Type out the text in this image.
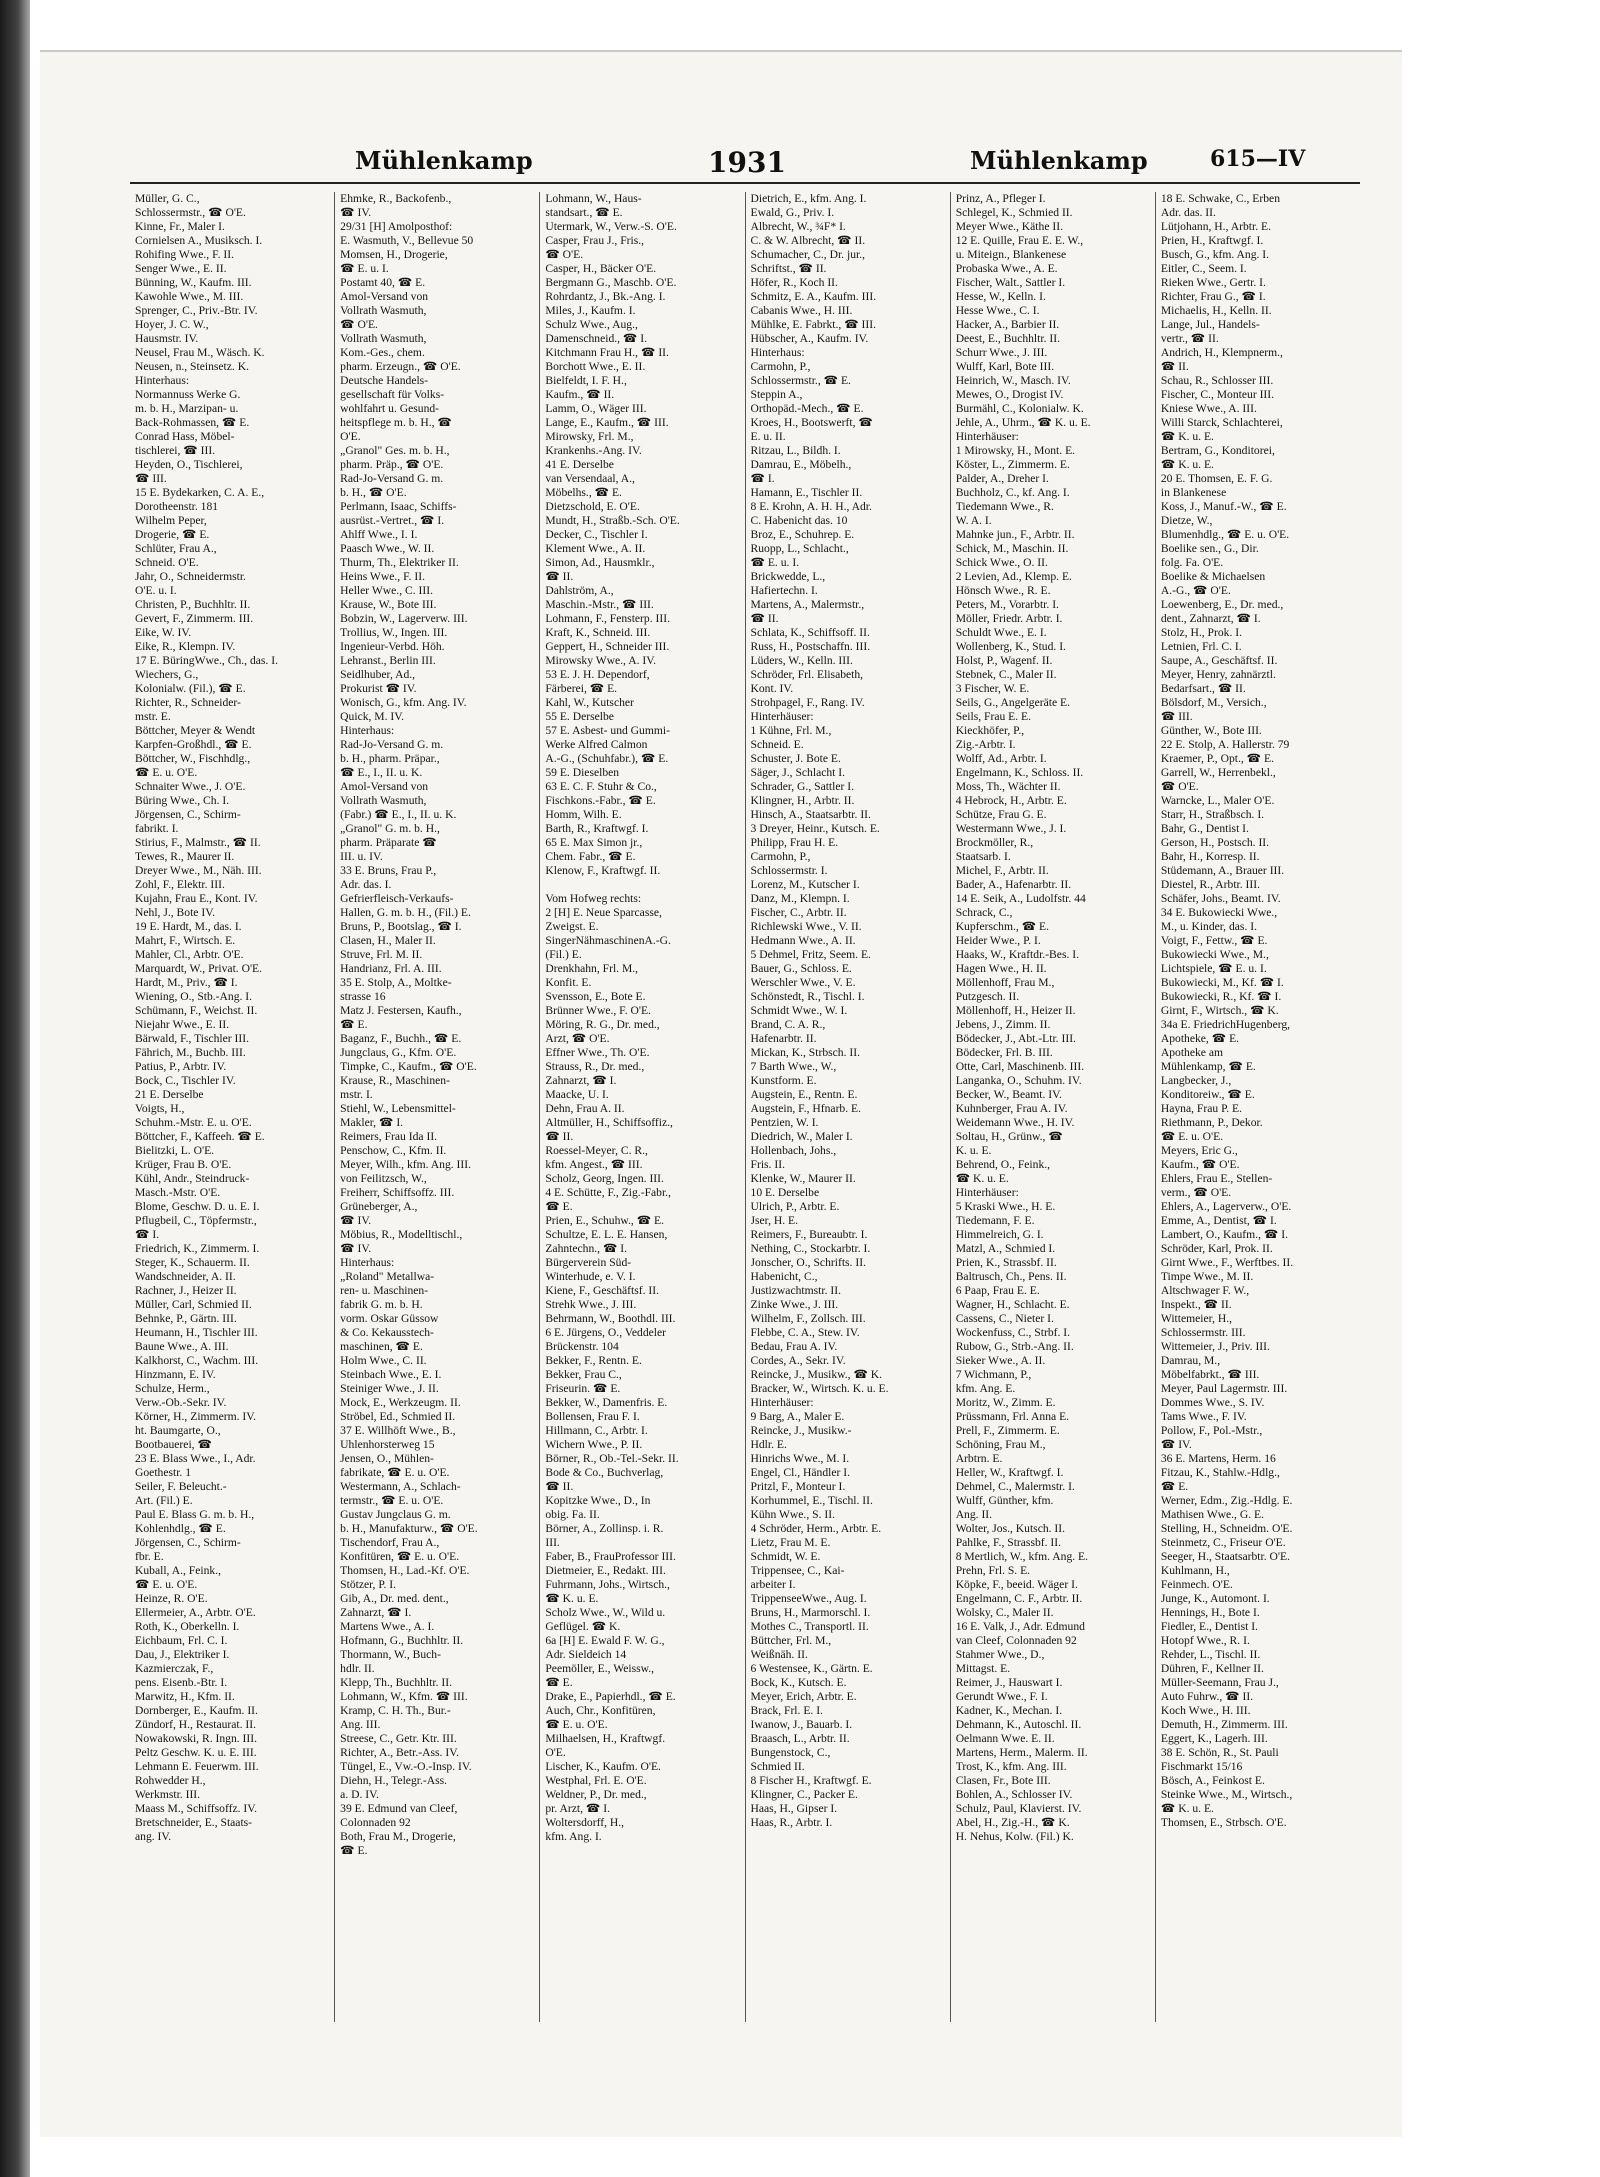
Mühlenkamp	1931	Mühlenkamp	615—IV
Müller, G. C.,
Schlossermstr., ☎ O'E.
Kinne, Fr., Maler I.
Cornielsen A., Musiksch. I.
Rohifing Wwe., F. II.
Senger Wwe., E. II.
Bünning, W., Kaufm. III.
Kawohle Wwe., M. III.
Sprenger, C., Priv.-Btr. IV.
Hoyer, J. C. W.,
Hausmstr. IV.
Neusel, Frau M., Wäsch. K.
Neusen, n., Steinsetz. K.
Hinterhaus:
Normannuss Werke G.
m. b. H., Marzipan- u.
Back-Rohmassen, ☎ E.
Conrad Hass, Möbel-
tischlerei, ☎ III.
Heyden, O., Tischlerei,
☎ III.
15 E. Bydekarken, C. A. E.,
Dorotheenstr. 181
Wilhelm Peper,
Drogerie, ☎ E.
Schlüter, Frau A.,
Schneid. O'E.
Jahr, O., Schneidermstr.
O'E. u. I.
Christen, P., Buchhltr. II.
Gevert, F., Zimmerm. III.
Eike, W. IV.
Eike, R., Klempn. IV.
17 E. BüringWwe., Ch., das. I.
Wiechers, G.,
Kolonialw. (Fil.), ☎ E.
Richter, R., Schneider-
mstr. E.
Böttcher, Meyer & Wendt
Karpfen-Großhdl., ☎ E.
Böttcher, W., Fischhdlg.,
☎ E. u. O'E.
Schnaiter Wwe., J. O'E.
Büring Wwe., Ch. I.
Jörgensen, C., Schirm-
fabrikt. I.
Stirius, F., Malmstr., ☎ II.
Tewes, R., Maurer II.
Dreyer Wwe., M., Näh. III.
Zohl, F., Elektr. III.
Kujahn, Frau E., Kont. IV.
Nehl, J., Bote IV.
19 E. Hardt, M., das. I.
Mahrt, F., Wirtsch. E.
Mahler, Cl., Arbtr. O'E.
Marquardt, W., Privat. O'E.
Hardt, M., Priv., ☎ I.
Wiening, O., Stb.-Ang. I.
Schümann, F., Weichst. II.
Niejahr Wwe., E. II.
Bärwald, F., Tischler III.
Fährich, M., Buchb. III.
Patius, P., Arbtr. IV.
Bock, C., Tischler IV.
21 E. Derselbe
Voigts, H.,
Schuhm.-Mstr. E. u. O'E.
Böttcher, F., Kaffeeh. ☎ E.
Bielitzki, L. O'E.
Krüger, Frau B. O'E.
Kühl, Andr., Steindruck-
Masch.-Mstr. O'E.
Blome, Geschw. D. u. E. I.
Pflugbeil, C., Töpfermstr.,
☎ I.
Friedrich, K., Zimmerm. I.
Steger, K., Schauerm. II.
Wandschneider, A. II.
Rachner, J., Heizer II.
Müller, Carl, Schmied II.
Behnke, P., Gärtn. III.
Heumann, H., Tischler III.
Baune Wwe., A. III.
Kalkhorst, C., Wachm. III.
Hinzmann, E. IV.
Schulze, Herm.,
Verw.-Ob.-Sekr. IV.
Körner, H., Zimmerm. IV.
ht. Baumgarte, O.,
Bootbauerei, ☎
23 E. Blass Wwe., I., Adr.
Goethestr. 1
Seiler, F. Beleucht.-
Art. (Fil.) E.
Paul E. Blass G. m. b. H.,
Kohlenhdlg., ☎ E.
Jörgensen, C., Schirm-
fbr. E.
Kuball, A., Feink.,
☎ E. u. O'E.
Heinze, R. O'E.
Ellermeier, A., Arbtr. O'E.
Roth, K., Oberkelln. I.
Eichbaum, Frl. C. I.
Dau, J., Elektriker I.
Kazmierczak, F.,
pens. Eisenb.-Btr. I.
Marwitz, H., Kfm. II.
Dornberger, E., Kaufm. II.
Zündorf, H., Restaurat. II.
Nowakowski, R. Ingn. III.
Peltz Geschw. K. u. E. III.
Lehmann E. Feuerwm. III.
Rohwedder H.,
Werkmstr. III.
Maass M., Schiffsoffz. IV.
Bretschneider, E., Staats-
ang. IV.
Ehmke, R., Backofenb.,
☎ IV.
29/31 [H] Amolposthof:
E. Wasmuth, V., Bellevue 50
Momsen, H., Drogerie,
☎ E. u. I.
Postamt 40, ☎ E.
Amol-Versand von
Vollrath Wasmuth,
☎ O'E.
Vollrath Wasmuth,
Kom.-Ges., chem.
pharm. Erzeugn., ☎ O'E.
Deutsche Handels-
gesellschaft für Volks-
wohlfahrt u. Gesund-
heitspflege m. b. H., ☎
O'E.
„Granol" Ges. m. b. H.,
pharm. Präp., ☎ O'E.
Rad-Jo-Versand G. m.
b. H., ☎ O'E.
Perlmann, Isaac, Schiffs-
ausrüst.-Vertret., ☎ I.
Ahlff Wwe., I. I.
Paasch Wwe., W. II.
Thurm, Th., Elektriker II.
Heins Wwe., F. II.
Heller Wwe., C. III.
Krause, W., Bote III.
Bobzin, W., Lagerverw. III.
Trollius, W., Ingen. III.
Ingenieur-Verbd. Höh.
Lehranst., Berlin III.
Seidlhuber, Ad.,
Prokurist ☎ IV.
Wonisch, G., kfm. Ang. IV.
Quick, M. IV.
Hinterhaus:
Rad-Jo-Versand G. m.
b. H., pharm. Präpar.,
☎ E., I., II. u. K.
Amol-Versand von
Vollrath Wasmuth,
(Fabr.) ☎ E., I., II. u. K.
„Granol" G. m. b. H.,
pharm. Präparate ☎
III. u. IV.
33 E. Bruns, Frau P.,
Adr. das. I.
Gefrierfleisch-Verkaufs-
Hallen, G. m. b. H., (Fil.) E.
Bruns, P., Bootslag., ☎ I.
Clasen, H., Maler II.
Struve, Frl. M. II.
Handrianz, Frl. A. III.
35 E. Stolp, A., Moltke-
strasse 16
Matz J. Festersen, Kaufh.,
☎ E.
Baganz, F., Buchh., ☎ E.
Jungclaus, G., Kfm. O'E.
Timpke, C., Kaufm., ☎ O'E.
Krause, R., Maschinen-
mstr. I.
Stiehl, W., Lebensmittel-
Makler, ☎ I.
Reimers, Frau Ida II.
Penschow, C., Kfm. II.
Meyer, Wilh., kfm. Ang. III.
von Feilitzsch, W.,
Freiherr, Schiffsoffz. III.
Grüneberger, A.,
☎ IV.
Möbius, R., Modelltischl.,
☎ IV.
Hinterhaus:
„Roland" Metallwa-
ren- u. Maschinen-
fabrik G. m. b. H.
vorm. Oskar Güssow
& Co. Kekausstech-
maschinen, ☎ E.
Holm Wwe., C. II.
Steinbach Wwe., E. I.
Steiniger Wwe., J. II.
Mock, E., Werkzeugm. II.
Ströbel, Ed., Schmied II.
37 E. Willhöft Wwe., B.,
Uhlenhorsterweg 15
Jensen, O., Mühlen-
fabrikate, ☎ E. u. O'E.
Westermann, A., Schlach-
termstr., ☎ E. u. O'E.
Gustav Jungclaus G. m.
b. H., Manufakturw., ☎ O'E.
Tischendorf, Frau A.,
Konfitüren, ☎ E. u. O'E.
Thomsen, H., Lad.-Kf. O'E.
Stötzer, P. I.
Gib, A., Dr. med. dent.,
Zahnarzt, ☎ I.
Martens Wwe., A. I.
Hofmann, G., Buchhltr. II.
Thormann, W., Buch-
hdlr. II.
Klepp, Th., Buchhltr. II.
Lohmann, W., Kfm. ☎ III.
Kramp, C. H. Th., Bur.-
Ang. III.
Streese, C., Getr. Ktr. III.
Richter, A., Betr.-Ass. IV.
Tüngel, E., Vw.-O.-Insp. IV.
Diehn, H., Telegr.-Ass.
a. D. IV.
39 E. Edmund van Cleef,
Colonnaden 92
Both, Frau M., Drogerie,
☎ E.
Lohmann, W., Haus-
standsart., ☎ E.
Utermark, W., Verw.-S. O'E.
Casper, Frau J., Fris.,
☎ O'E.
Casper, H., Bäcker O'E.
Bergmann G., Maschb. O'E.
Rohrdantz, J., Bk.-Ang. I.
Miles, J., Kaufm. I.
Schulz Wwe., Aug.,
Damenschneid., ☎ I.
Kitchmann Frau H., ☎ II.
Borchott Wwe., E. II.
Bielfeldt, I. F. H.,
Kaufm., ☎ II.
Lamm, O., Wäger III.
Lange, E., Kaufm., ☎ III.
Mirowsky, Frl. M.,
Krankenhs.-Ang. IV.
41 E. Derselbe
van Versendaal, A.,
Möbelhs., ☎ E.
Dietzschold, E. O'E.
Mundt, H., Straßb.-Sch. O'E.
Decker, C., Tischler I.
Klement Wwe., A. II.
Simon, Ad., Hausmklr.,
☎ II.
Dahlström, A.,
Maschin.-Mstr., ☎ III.
Lohmann, F., Fensterp. III.
Kraft, K., Schneid. III.
Geppert, H., Schneider III.
Mirowsky Wwe., A. IV.
53 E. J. H. Dependorf,
Färberei, ☎ E.
Kahl, W., Kutscher
55 E. Derselbe
57 E. Asbest- und Gummi-
Werke Alfred Calmon
A.-G., (Schuhfabr.), ☎ E.
59 E. Dieselben
63 E. C. F. Stuhr & Co.,
Fischkons.-Fabr., ☎ E.
Homm, Wilh. E.
Barth, R., Kraftwgf. I.
65 E. Max Simon jr.,
Chem. Fabr., ☎ E.
Klenow, F., Kraftwgf. II.

Vom Hofweg rechts:
2 [H] E. Neue Sparcasse,
Zweigst. E.
SingerNähmaschinenA.-G.
(Fil.) E.
Drenkhahn, Frl. M.,
Konfit. E.
Svensson, E., Bote E.
Brünner Wwe., F. O'E.
Möring, R. G., Dr. med.,
Arzt, ☎ O'E.
Effner Wwe., Th. O'E.
Strauss, R., Dr. med.,
Zahnarzt, ☎ I.
Maacke, U. I.
Dehn, Frau A. II.
Altmüller, H., Schiffsoffiz.,
☎ II.
Roessel-Meyer, C. R.,
kfm. Angest., ☎ III.
Scholz, Georg, Ingen. III.
4 E. Schütte, F., Zig.-Fabr.,
☎ E.
Prien, E., Schuhw., ☎ E.
Schultze, E. L. E. Hansen,
Zahntechn., ☎ I.
Bürgerverein Süd-
Winterhude, e. V. I.
Kiene, F., Geschäftsf. II.
Strehk Wwe., J. III.
Behrmann, W., Boothdl. III.
6 E. Jürgens, O., Veddeler
Brückenstr. 104
Bekker, F., Rentn. E.
Bekker, Frau C.,
Friseurin. ☎ E.
Bekker, W., Damenfris. E.
Bollensen, Frau F. I.
Hillmann, C., Arbtr. I.
Wichern Wwe., P. II.
Börner, R., Ob.-Tel.-Sekr. II.
Bode & Co., Buchverlag,
☎ II.
Kopitzke Wwe., D., In
obig. Fa. II.
Börner, A., Zollinsp. i. R.
III.
Faber, B., FrauProfessor III.
Dietmeier, E., Redakt. III.
Fuhrmann, Johs., Wirtsch.,
☎ K. u. E.
Scholz Wwe., W., Wild u.
Geflügel. ☎ K.
6a [H] E. Ewald F. W. G.,
Adr. Sieldeich 14
Peemöller, E., Weissw.,
☎ E.
Drake, E., Papierhdl., ☎ E.
Auch, Chr., Konfitüren,
☎ E. u. O'E.
Milhaelsen, H., Kraftwgf.
O'E.
Lischer, K., Kaufm. O'E.
Westphal, Frl. E. O'E.
Weldner, P., Dr. med.,
pr. Arzt, ☎ I.
Woltersdorff, H.,
kfm. Ang. I.
Dietrich, E., kfm. Ang. I.
Ewald, G., Priv. I.
Albrecht, W., ¾F* I.
C. & W. Albrecht, ☎ II.
Schumacher, C., Dr. jur.,
Schriftst., ☎ II.
Höfer, R., Koch II.
Schmitz, E. A., Kaufm. III.
Cabanis Wwe., H. III.
Mühlke, E. Fabrkt., ☎ III.
Hübscher, A., Kaufm. IV.
Hinterhaus:
Carmohn, P.,
Schlossermstr., ☎ E.
Steppin A.,
Orthopäd.-Mech., ☎ E.
Kroes, H., Bootswerft, ☎
E. u. II.
Ritzau, L., Bildh. I.
Damrau, E., Möbelh.,
☎ I.
Hamann, E., Tischler II.
8 E. Krohn, A. H. H., Adr.
C. Habenicht das. 10
Broz, E., Schuhrep. E.
Ruopp, L., Schlacht.,
☎ E. u. I.
Brickwedde, L.,
Hafiertechn. I.
Martens, A., Malermstr.,
☎ II.
Schlata, K., Schiffsoff. II.
Russ, H., Postschaffn. III.
Lüders, W., Kelln. III.
Schröder, Frl. Elisabeth,
Kont. IV.
Strohpagel, F., Rang. IV.
Hinterhäuser:
1 Kühne, Frl. M.,
Schneid. E.
Schuster, J. Bote E.
Säger, J., Schlacht I.
Schrader, G., Sattler I.
Klingner, H., Arbtr. II.
Hinsch, A., Staatsarbtr. II.
3 Dreyer, Heinr., Kutsch. E.
Philipp, Frau H. E.
Carmohn, P.,
Schlossermstr. I.
Lorenz, M., Kutscher I.
Danz, M., Klempn. I.
Fischer, C., Arbtr. II.
Richlewski Wwe., V. II.
Hedmann Wwe., A. II.
5 Dehmel, Fritz, Seem. E.
Bauer, G., Schloss. E.
Werschler Wwe., V. E.
Schönstedt, R., Tischl. I.
Schmidt Wwe., W. I.
Brand, C. A. R.,
Hafenarbtr. II.
Mickan, K., Strbsch. II.
7 Barth Wwe., W.,
Kunstform. E.
Augstein, E., Rentn. E.
Augstein, F., Hfnarb. E.
Pentzien, W. I.
Diedrich, W., Maler I.
Hollenbach, Johs.,
Fris. II.
Klenke, W., Maurer II.
10 E. Derselbe
Ulrich, P., Arbtr. E.
Jser, H. E.
Reimers, F., Bureaubtr. I.
Nething, C., Stockarbtr. I.
Jonscher, O., Schrifts. II.
Habenicht, C.,
Justizwachtmstr. II.
Zinke Wwe., J. III.
Wilhelm, F., Zollsch. III.
Flebbe, C. A., Stew. IV.
Bedau, Frau A. IV.
Cordes, A., Sekr. IV.
Reincke, J., Musikw., ☎ K.
Bracker, W., Wirtsch. K. u. E.
Hinterhäuser:
9 Barg, A., Maler E.
Reincke, J., Musikw.-
Hdlr. E.
Hinrichs Wwe., M. I.
Engel, Cl., Händler I.
Pritzl, F., Monteur I.
Korhummel, E., Tischl. II.
Kühn Wwe., S. II.
4 Schröder, Herm., Arbtr. E.
Lietz, Frau M. E.
Schmidt, W. E.
Trippensee, C., Kai-
arbeiter I.
TrippenseeWwe., Aug. I.
Bruns, H., Marmorschl. I.
Mothes C., Transportl. II.
Büttcher, Frl. M.,
Weißnäh. II.
6 Westensee, K., Gärtn. E.
Bock, K., Kutsch. E.
Meyer, Erich, Arbtr. E.
Brack, Frl. E. I.
Iwanow, J., Bauarb. I.
Braasch, L., Arbtr. II.
Bungenstock, C.,
Schmied II.
8 Fischer H., Kraftwgf. E.
Klingner, C., Packer E.
Haas, H., Gipser I.
Haas, R., Arbtr. I.
Prinz, A., Pfleger I.
Schlegel, K., Schmied II.
Meyer Wwe., Käthe II.
12 E. Quille, Frau E. E. W.,
u. Miteign., Blankenese
Probaska Wwe., A. E.
Fischer, Walt., Sattler I.
Hesse, W., Kelln. I.
Hesse Wwe., C. I.
Hacker, A., Barbier II.
Deest, E., Buchhltr. II.
Schurr Wwe., J. III.
Wulff, Karl, Bote III.
Heinrich, W., Masch. IV.
Mewes, O., Drogist IV.
Burmähl, C., Kolonialw. K.
Jehle, A., Uhrm., ☎ K. u. E.
Hinterhäuser:
1 Mirowsky, H., Mont. E.
Köster, L., Zimmerm. E.
Palder, A., Dreher I.
Buchholz, C., kf. Ang. I.
Tiedemann Wwe., R.
W. A. I.
Mahnke jun., F., Arbtr. II.
Schick, M., Maschin. II.
Schick Wwe., O. II.
2 Levien, Ad., Klemp. E.
Hönsch Wwe., R. E.
Peters, M., Vorarbtr. I.
Möller, Friedr. Arbtr. I.
Schuldt Wwe., E. I.
Wollenberg, K., Stud. I.
Holst, P., Wagenf. II.
Stebnek, C., Maler II.
3 Fischer, W. E.
Seils, G., Angelgeräte E.
Seils, Frau E. E.
Kieckhöfer, P.,
Zig.-Arbtr. I.
Wolff, Ad., Arbtr. I.
Engelmann, K., Schloss. II.
Moss, Th., Wächter II.
4 Hebrock, H., Arbtr. E.
Schütze, Frau G. E.
Westermann Wwe., J. I.
Brockmöller, R.,
Staatsarb. I.
Michel, F., Arbtr. II.
Bader, A., Hafenarbtr. II.
14 E. Seik, A., Ludolfstr. 44
Schrack, C.,
Kupferschm., ☎ E.
Heider Wwe., P. I.
Haaks, W., Kraftdr.-Bes. I.
Hagen Wwe., H. II.
Möllenhoff, Frau M.,
Putzgesch. II.
Möllenhoff, H., Heizer II.
Jebens, J., Zimm. II.
Bödecker, J., Abt.-Ltr. III.
Bödecker, Frl. B. III.
Otte, Carl, Maschinenb. III.
Langanka, O., Schuhm. IV.
Becker, W., Beamt. IV.
Kuhnberger, Frau A. IV.
Weidemann Wwe., H. IV.
Soltau, H., Grünw., ☎
K. u. E.
Behrend, O., Feink.,
☎ K. u. E.
Hinterhäuser:
5 Kraski Wwe., H. E.
Tiedemann, F. E.
Himmelreich, G. I.
Matzl, A., Schmied I.
Prien, K., Strassbf. II.
Baltrusch, Ch., Pens. II.
6 Paap, Frau E. E.
Wagner, H., Schlacht. E.
Cassens, C., Nieter I.
Wockenfuss, C., Strbf. I.
Rubow, G., Strb.-Ang. II.
Sieker Wwe., A. II.
7 Wichmann, P.,
kfm. Ang. E.
Moritz, W., Zimm. E.
Prüssmann, Frl. Anna E.
Prell, F., Zimmerm. E.
Schöning, Frau M.,
Arbtrn. E.
Heller, W., Kraftwgf. I.
Dehmel, C., Malermstr. I.
Wulff, Günther, kfm.
Ang. II.
Wolter, Jos., Kutsch. II.
Pahlke, F., Strassbf. II.
8 Mertlich, W., kfm. Ang. E.
Prehn, Frl. S. E.
Köpke, F., beeid. Wäger I.
Engelmann, C. F., Arbtr. II.
Wolsky, C., Maler II.
16 E. Valk, J., Adr. Edmund
van Cleef, Colonnaden 92
Stahmer Wwe., D.,
Mittagst. E.
Reimer, J., Hauswart I.
Gerundt Wwe., F. I.
Kadner, K., Mechan. I.
Dehmann, K., Autoschl. II.
Oelmann Wwe. E. II.
Martens, Herm., Malerm. II.
Trost, K., kfm. Ang. III.
Clasen, Fr., Bote III.
Bohlen, A., Schlosser IV.
Schulz, Paul, Klavierst. IV.
Abel, H., Zig.-H., ☎ K.
H. Nehus, Kolw. (Fil.) K.
18 E. Schwake, C., Erben
Adr. das. II.
Lütjohann, H., Arbtr. E.
Prien, H., Kraftwgf. I.
Busch, G., kfm. Ang. I.
Eitler, C., Seem. I.
Rieken Wwe., Gertr. I.
Richter, Frau G., ☎ I.
Michaelis, H., Kelln. II.
Lange, Jul., Handels-
vertr., ☎ II.
Andrich, H., Klempnerm.,
☎ II.
Schau, R., Schlosser III.
Fischer, C., Monteur III.
Kniese Wwe., A. III.
Willi Starck, Schlachterei,
☎ K. u. E.
Bertram, G., Konditorei,
☎ K. u. E.
20 E. Thomsen, E. F. G.
in Blankenese
Koss, J., Manuf.-W., ☎ E.
Dietze, W.,
Blumenhdlg., ☎ E. u. O'E.
Boelike sen., G., Dir.
folg. Fa. O'E.
Boelike & Michaelsen
A.-G., ☎ O'E.
Loewenberg, E., Dr. med.,
dent., Zahnarzt, ☎ I.
Stolz, H., Prok. I.
Letnien, Frl. C. I.
Saupe, A., Geschäftsf. II.
Meyer, Henry, zahnärztl.
Bedarfsart., ☎ II.
Bölsdorf, M., Versich.,
☎ III.
Günther, W., Bote III.
22 E. Stolp, A. Hallerstr. 79
Kraemer, P., Opt., ☎ E.
Garrell, W., Herrenbekl.,
☎ O'E.
Warncke, L., Maler O'E.
Starr, H., Straßbsch. I.
Bahr, G., Dentist I.
Gerson, H., Postsch. II.
Bahr, H., Korresp. II.
Stüdemann, A., Brauer III.
Diestel, R., Arbtr. III.
Schäfer, Johs., Beamt. IV.
34 E. Bukowiecki Wwe.,
M., u. Kinder, das. I.
Voigt, F., Fettw., ☎ E.
Bukowiecki Wwe., M.,
Lichtspiele, ☎ E. u. I.
Bukowiecki, M., Kf. ☎ I.
Bukowiecki, R., Kf. ☎ I.
Girnt, F., Wirtsch., ☎ K.
34a E. FriedrichHugenberg,
Apotheke, ☎ E.
Apotheke am
Mühlenkamp, ☎ E.
Langbecker, J.,
Konditoreiw., ☎ E.
Hayna, Frau P. E.
Riethmann, P., Dekor.
☎ E. u. O'E.
Meyers, Eric G.,
Kaufm., ☎ O'E.
Ehlers, Frau E., Stellen-
verm., ☎ O'E.
Ehlers, A., Lagerverw., O'E.
Emme, A., Dentist, ☎ I.
Lambert, O., Kaufm., ☎ I.
Schröder, Karl, Prok. II.
Girnt Wwe., F., Werftbes. II.
Timpe Wwe., M. II.
Altschwager F. W.,
Inspekt., ☎ II.
Wittemeier, H.,
Schlossermstr. III.
Wittemeier, J., Priv. III.
Damrau, M.,
Möbelfabrkt., ☎ III.
Meyer, Paul Lagermstr. III.
Dommes Wwe., S. IV.
Tams Wwe., F. IV.
Pollow, F., Pol.-Mstr.,
☎ IV.
36 E. Martens, Herm. 16
Fitzau, K., Stahlw.-Hdlg.,
☎ E.
Werner, Edm., Zig.-Hdlg. E.
Mathisen Wwe., G. E.
Stelling, H., Schneidm. O'E.
Steinmetz, C., Friseur O'E.
Seeger, H., Staatsarbtr. O'E.
Kuhlmann, H.,
Feinmech. O'E.
Junge, K., Automont. I.
Hennings, H., Bote I.
Fiedler, E., Dentist I.
Hotopf Wwe., R. I.
Rehder, L., Tischl. II.
Dühren, F., Kellner II.
Müller-Seemann, Frau J.,
Auto Fuhrw., ☎ II.
Koch Wwe., H. III.
Demuth, H., Zimmerm. III.
Eggert, K., Lagerh. III.
38 E. Schön, R., St. Pauli
Fischmarkt 15/16
Bösch, A., Feinkost E.
Steinke Wwe., M., Wirtsch.,
☎ K. u. E.
Thomsen, E., Strbsch. O'E.
